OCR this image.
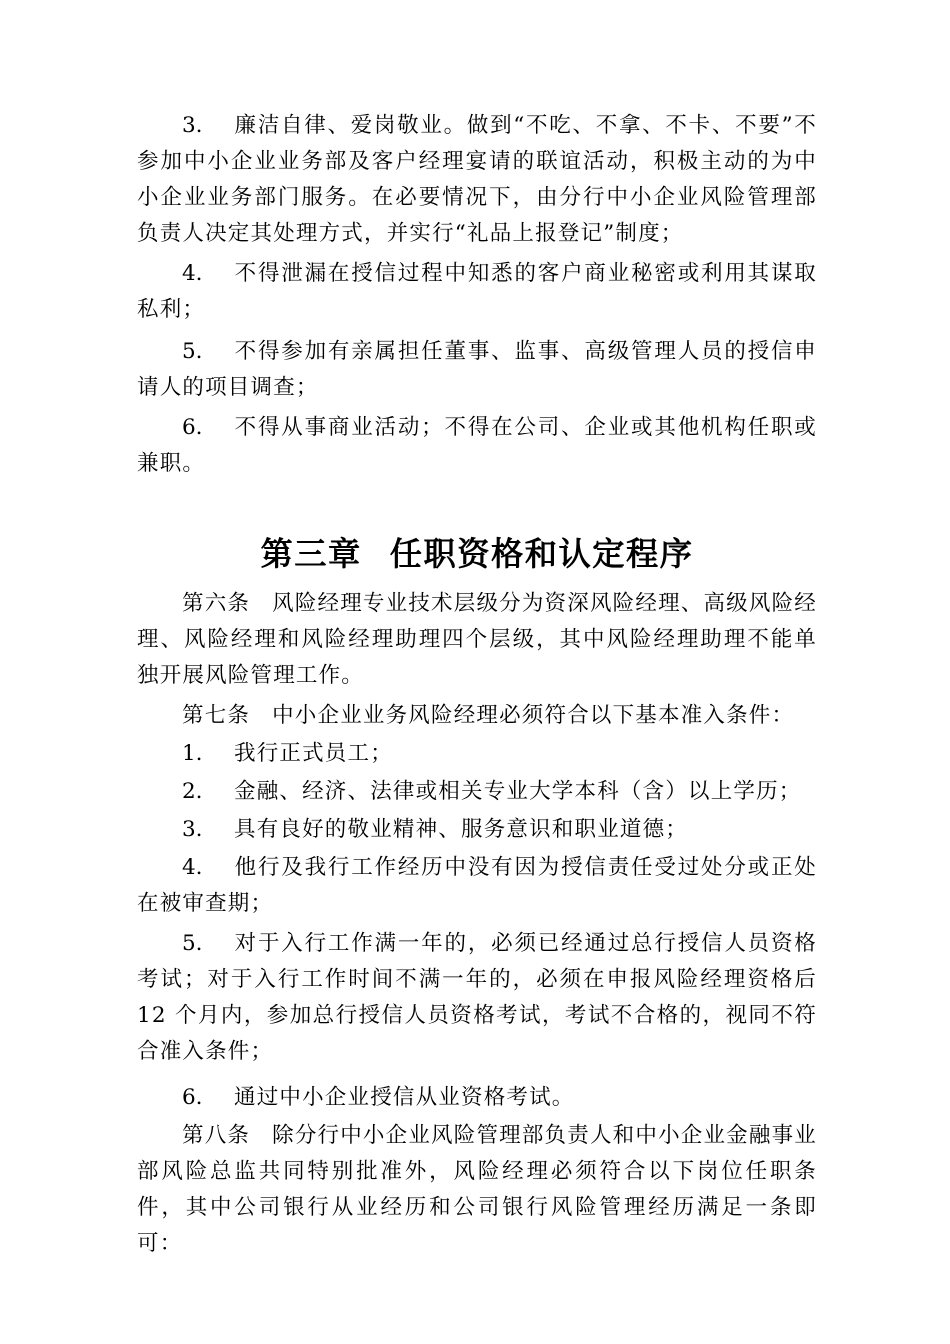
3. 廉洁自律、爱岗敬业。做到“不吃、不拿、不卡、不要”不参加中小企业业务部及客户经理宴请的联谊活动，积极主动的为中小企业业务部门服务。在必要情况下，由分行中小企业风险管理部负责人决定其处理方式，并实行“礼品上报登记”制度；

4. 不得泄漏在授信过程中知悉的客户商业秘密或利用其谋取私利；

5. 不得参加有亲属担任董事、监事、高级管理人员的授信申请人的项目调查；

6. 不得从事商业活动；不得在公司、企业或其他机构任职或兼职。

第三章 任职资格和认定程序

第六条 风险经理专业技术层级分为资深风险经理、高级风险经理、风险经理和风险经理助理四个层级，其中风险经理助理不能单独开展风险管理工作。

第七条 中小企业业务风险经理必须符合以下基本准入条件：

1. 我行正式员工；

2. 金融、经济、法律或相关专业大学本科（含）以上学历；

3. 具有良好的敬业精神、服务意识和职业道德；

4. 他行及我行工作经历中没有因为授信责任受过处分或正处在被审查期；

5. 对于入行工作满一年的，必须已经通过总行授信人员资格考试；对于入行工作时间不满一年的，必须在申报风险经理资格后 12 个月内，参加总行授信人员资格考试，考试不合格的，视同不符合准入条件；

6. 通过中小企业授信从业资格考试。

第八条 除分行中小企业风险管理部负责人和中小企业金融事业部风险总监共同特别批准外，风险经理必须符合以下岗位任职条件，其中公司银行从业经历和公司银行风险管理经历满足一条即可：
